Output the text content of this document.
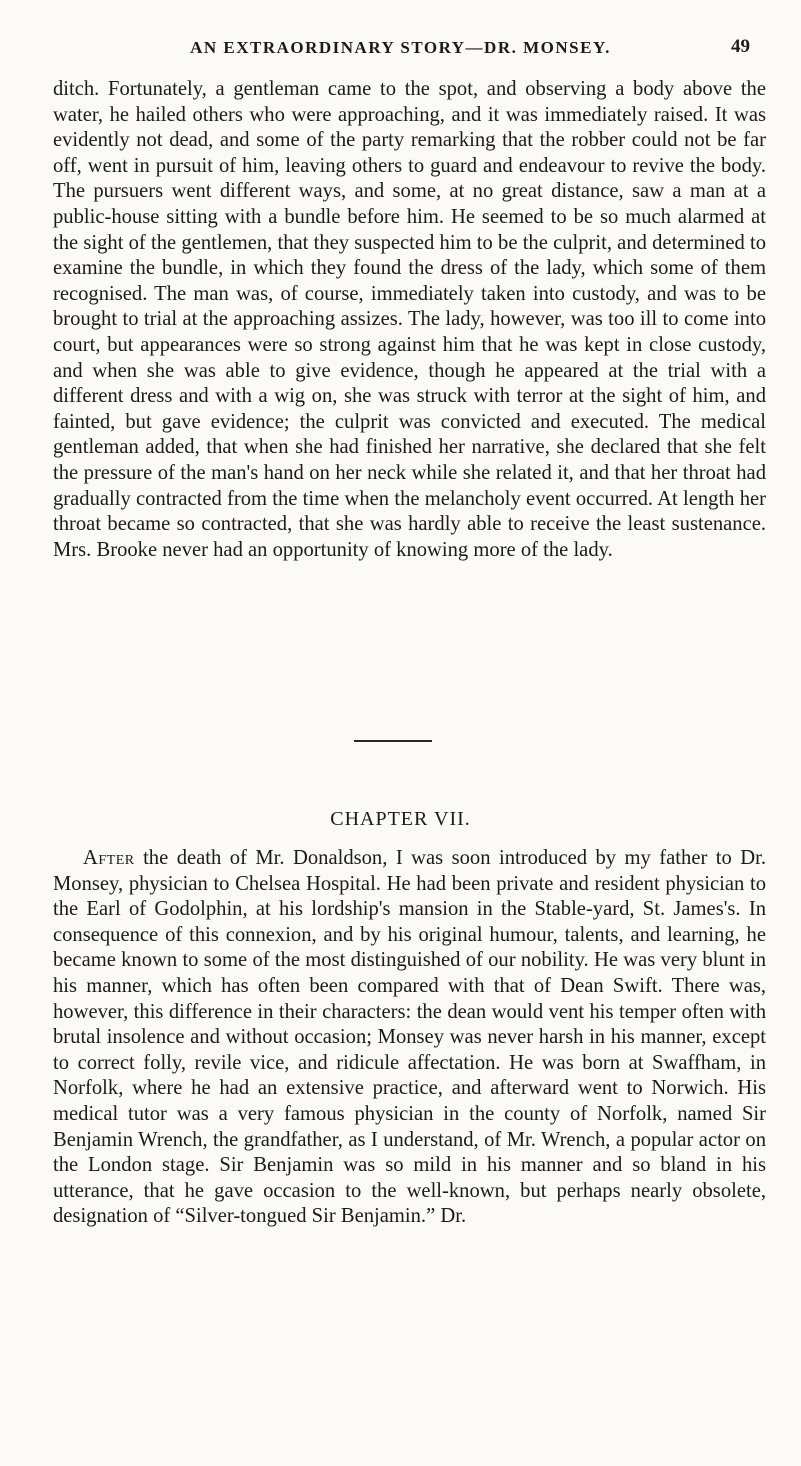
AN EXTRAORDINARY STORY—DR. MONSEY.	49

ditch. Fortunately, a gentleman came to the spot, and observing a body above the water, he hailed others who were approaching, and it was immediately raised. It was evidently not dead, and some of the party remarking that the robber could not be far off, went in pursuit of him, leaving others to guard and endeavour to revive the body. The pursuers went different ways, and some, at no great distance, saw a man at a public-house sitting with a bundle before him. He seemed to be so much alarmed at the sight of the gentlemen, that they suspected him to be the culprit, and determined to examine the bundle, in which they found the dress of the lady, which some of them recognised. The man was, of course, immediately taken into custody, and was to be brought to trial at the approaching assizes. The lady, however, was too ill to come into court, but appearances were so strong against him that he was kept in close custody, and when she was able to give evidence, though he appeared at the trial with a different dress and with a wig on, she was struck with terror at the sight of him, and fainted, but gave evidence; the culprit was convicted and executed. The medical gentleman added, that when she had finished her narrative, she declared that she felt the pressure of the man's hand on her neck while she related it, and that her throat had gradually contracted from the time when the melancholy event occurred. At length her throat became so contracted, that she was hardly able to receive the least sustenance. Mrs. Brooke never had an opportunity of knowing more of the lady.

CHAPTER VII.

After the death of Mr. Donaldson, I was soon introduced by my father to Dr. Monsey, physician to Chelsea Hospital. He had been private and resident physician to the Earl of Godolphin, at his lordship's mansion in the Stable-yard, St. James's. In consequence of this connexion, and by his original humour, talents, and learning, he became known to some of the most distinguished of our nobility. He was very blunt in his manner, which has often been compared with that of Dean Swift. There was, however, this difference in their characters: the dean would vent his temper often with brutal insolence and without occasion; Monsey was never harsh in his manner, except to correct folly, revile vice, and ridicule affectation. He was born at Swaffham, in Norfolk, where he had an extensive practice, and afterward went to Norwich. His medical tutor was a very famous physician in the county of Norfolk, named Sir Benjamin Wrench, the grandfather, as I understand, of Mr. Wrench, a popular actor on the London stage. Sir Benjamin was so mild in his manner and so bland in his utterance, that he gave occasion to the well-known, but perhaps nearly obsolete, designation of “Silver-tongued Sir Benjamin.” Dr.
